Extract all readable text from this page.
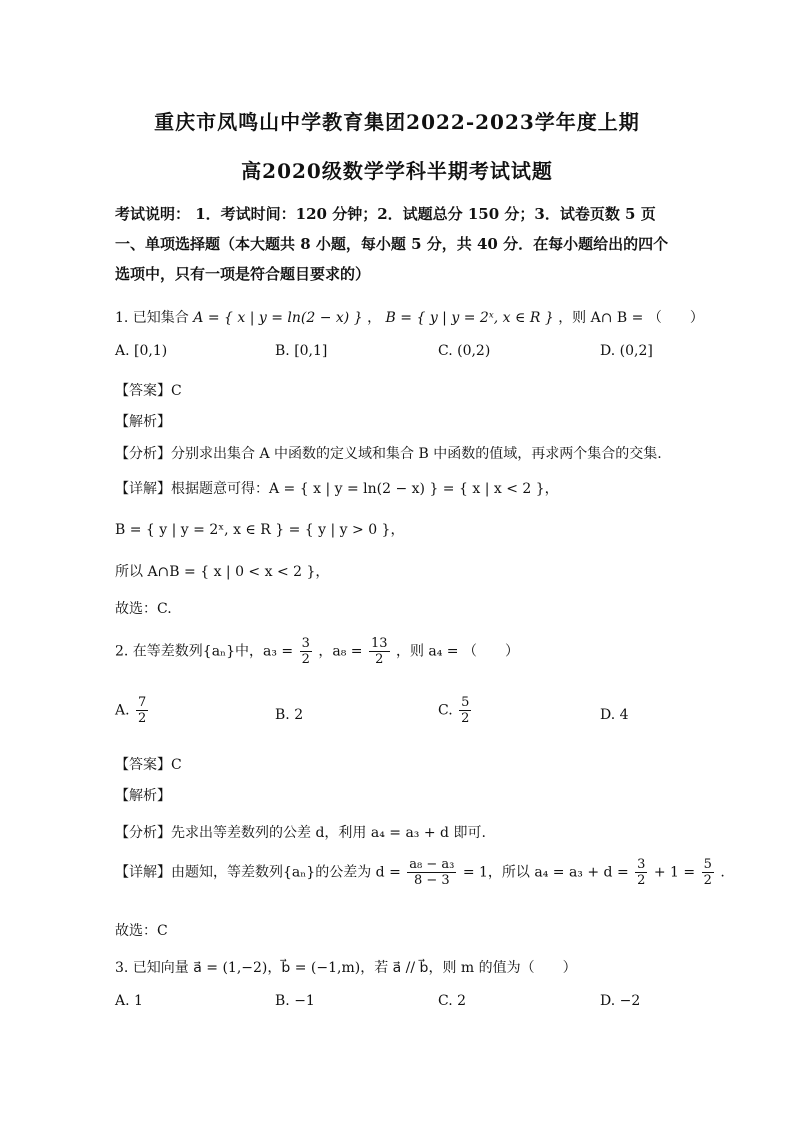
重庆市凤鸣山中学教育集团2022-2023学年度上期
高2020级数学学科半期考试试题
考试说明： 1．考试时间：120 分钟；2．试题总分 150 分；3．试卷页数 5 页
一、单项选择题（本大题共 8 小题，每小题 5 分，共 40 分．在每小题给出的四个
选项中，只有一项是符合题目要求的）
1. 已知集合 A = { x | y = ln(2 − x) } ， B = { y | y = 2ˣ, x ∈ R } ，则 A∩ B = （　　）
A. [0,1)	B. [0,1]	C. (0,2)	D. (0,2]
【答案】C
【解析】
【分析】分别求出集合 A 中函数的定义域和集合 B 中函数的值域，再求两个集合的交集.
【详解】根据题意可得：A = { x | y = ln(2 − x) } = { x | x < 2 }，
B = { y | y = 2ˣ, x ∈ R } = { y | y > 0 }，
所以 A∩B = { x | 0 < x < 2 }，
故选：C.
2. 在等差数列{aₙ}中，$a_3 = \frac{3}{2}$ ，$a_8 = \frac{13}{2}$ ，则 a₄ = （　　）
A. $\frac{7}{2}$	B. 2	C. $\frac{5}{2}$	D. 4
【答案】C
【解析】
【分析】先求出等差数列的公差 d，利用 a₄ = a₃ + d 即可.
【详解】由题知，等差数列{aₙ}的公差为 $d = \frac{\text{a₈ − a₃}}{8 - 3} = 1$，所以 $a_4 = a_3 + d = \frac{3}{2} + 1 = \frac{5}{2}$ .
故选：C
3. 已知向量 a⃗ = (1,−2)，b⃗ = (−1,m)，若 a⃗ // b⃗，则 m 的值为（　　）
A. 1	B. −1	C. 2	D. −2
